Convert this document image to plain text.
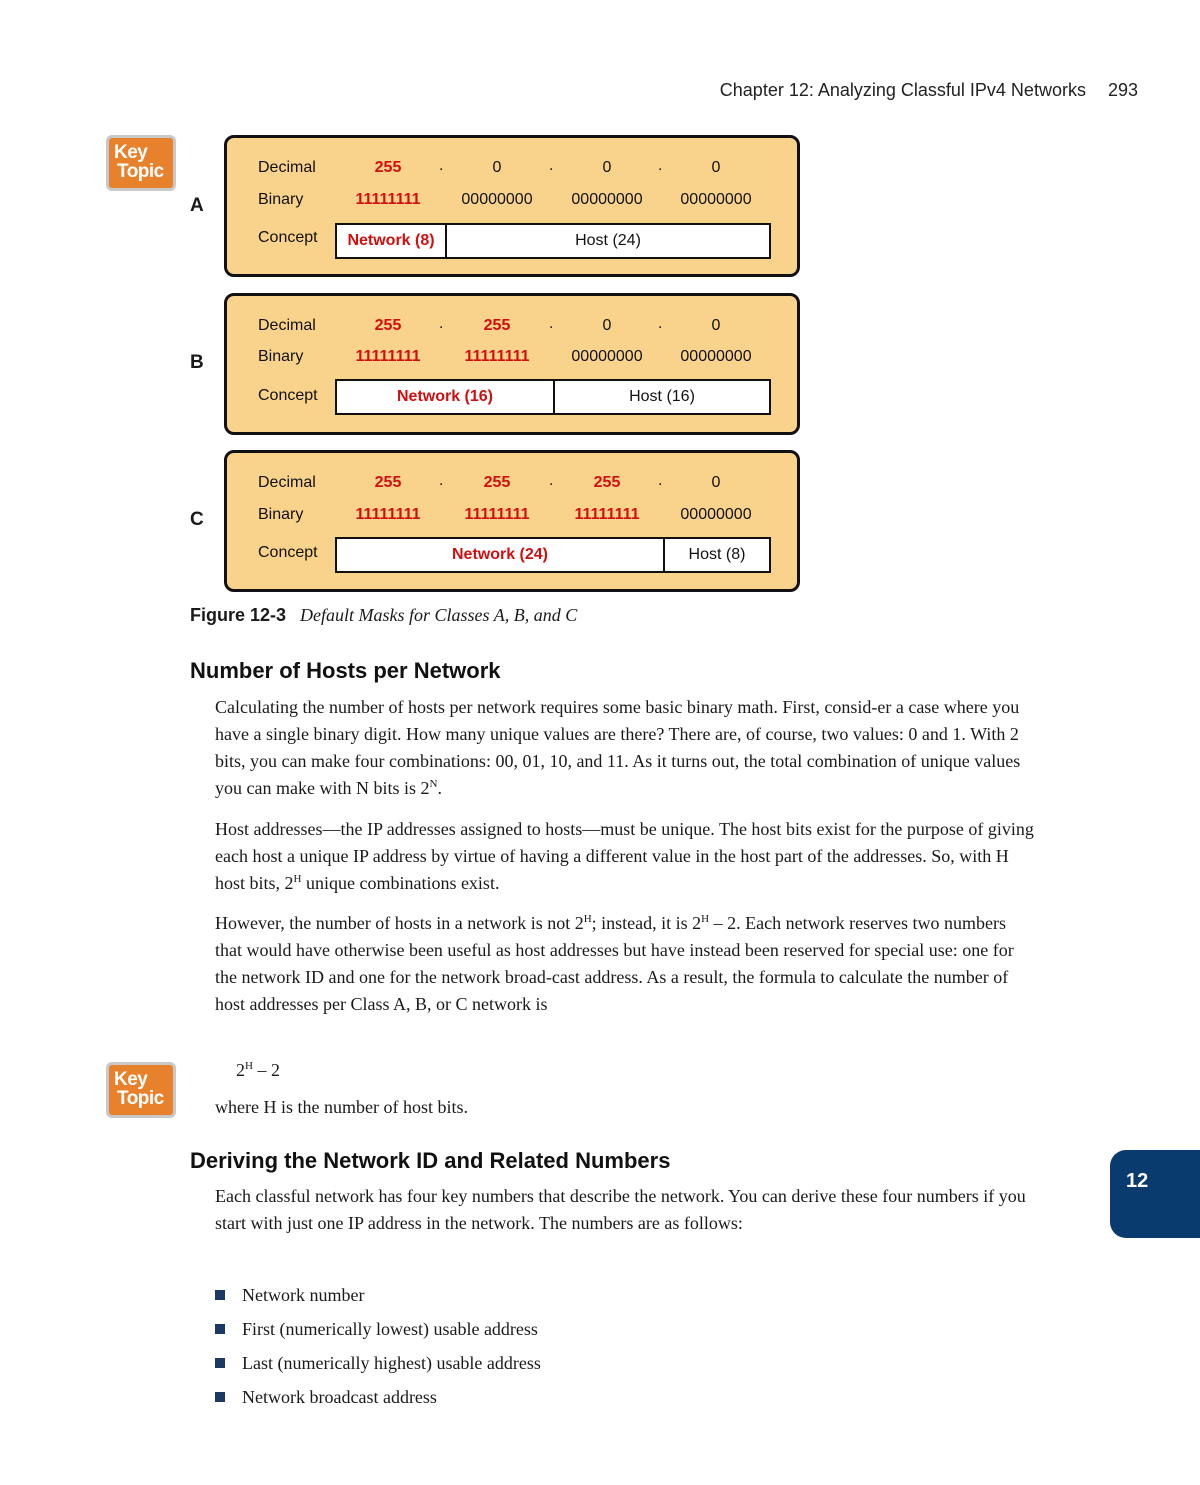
Chapter 12: Analyzing Classful IPv4 Networks 293
Key
Topic
A
B
C
Decimal	255	.	0	.	0	.	0
Binary	11111111	00000000	00000000	00000000
Concept	Network (8)	Host (24)
Decimal	255	.	255	.	0	.	0
Binary	11111111	11111111	00000000	00000000
Concept	Network (16)	Host (16)
Decimal	255	.	255	.	255	.	0
Binary	11111111	11111111	11111111	00000000
Concept	Network (24)	Host (8)
Figure 12-3 Default Masks for Classes A, B, and C
Number of Hosts per Network

Calculating the number of hosts per network requires some basic binary math. First, consid-er a case where you have a single binary digit. How many unique values are there? There are, of course, two values: 0 and 1. With 2 bits, you can make four combinations: 00, 01, 10, and 11. As it turns out, the total combination of unique values you can make with N bits is $2^N$.

Host addresses—the IP addresses assigned to hosts—must be unique. The host bits exist for the purpose of giving each host a unique IP address by virtue of having a different value in the host part of the addresses. So, with H host bits, $2^H$ unique combinations exist.

However, the number of hosts in a network is not $2^H$; instead, it is $2^H - 2$. Each network reserves two numbers that would have otherwise been useful as host addresses but have instead been reserved for special use: one for the network ID and one for the network broad-cast address. As a result, the formula to calculate the number of host addresses per Class A, B, or C network is

Key
Topic
$2^H - 2$

where H is the number of host bits.

Deriving the Network ID and Related Numbers

Each classful network has four key numbers that describe the network. You can derive these four numbers if you start with just one IP address in the network. The numbers are as follows:

Network number
First (numerically lowest) usable address
Last (numerically highest) usable address
Network broadcast address
12
